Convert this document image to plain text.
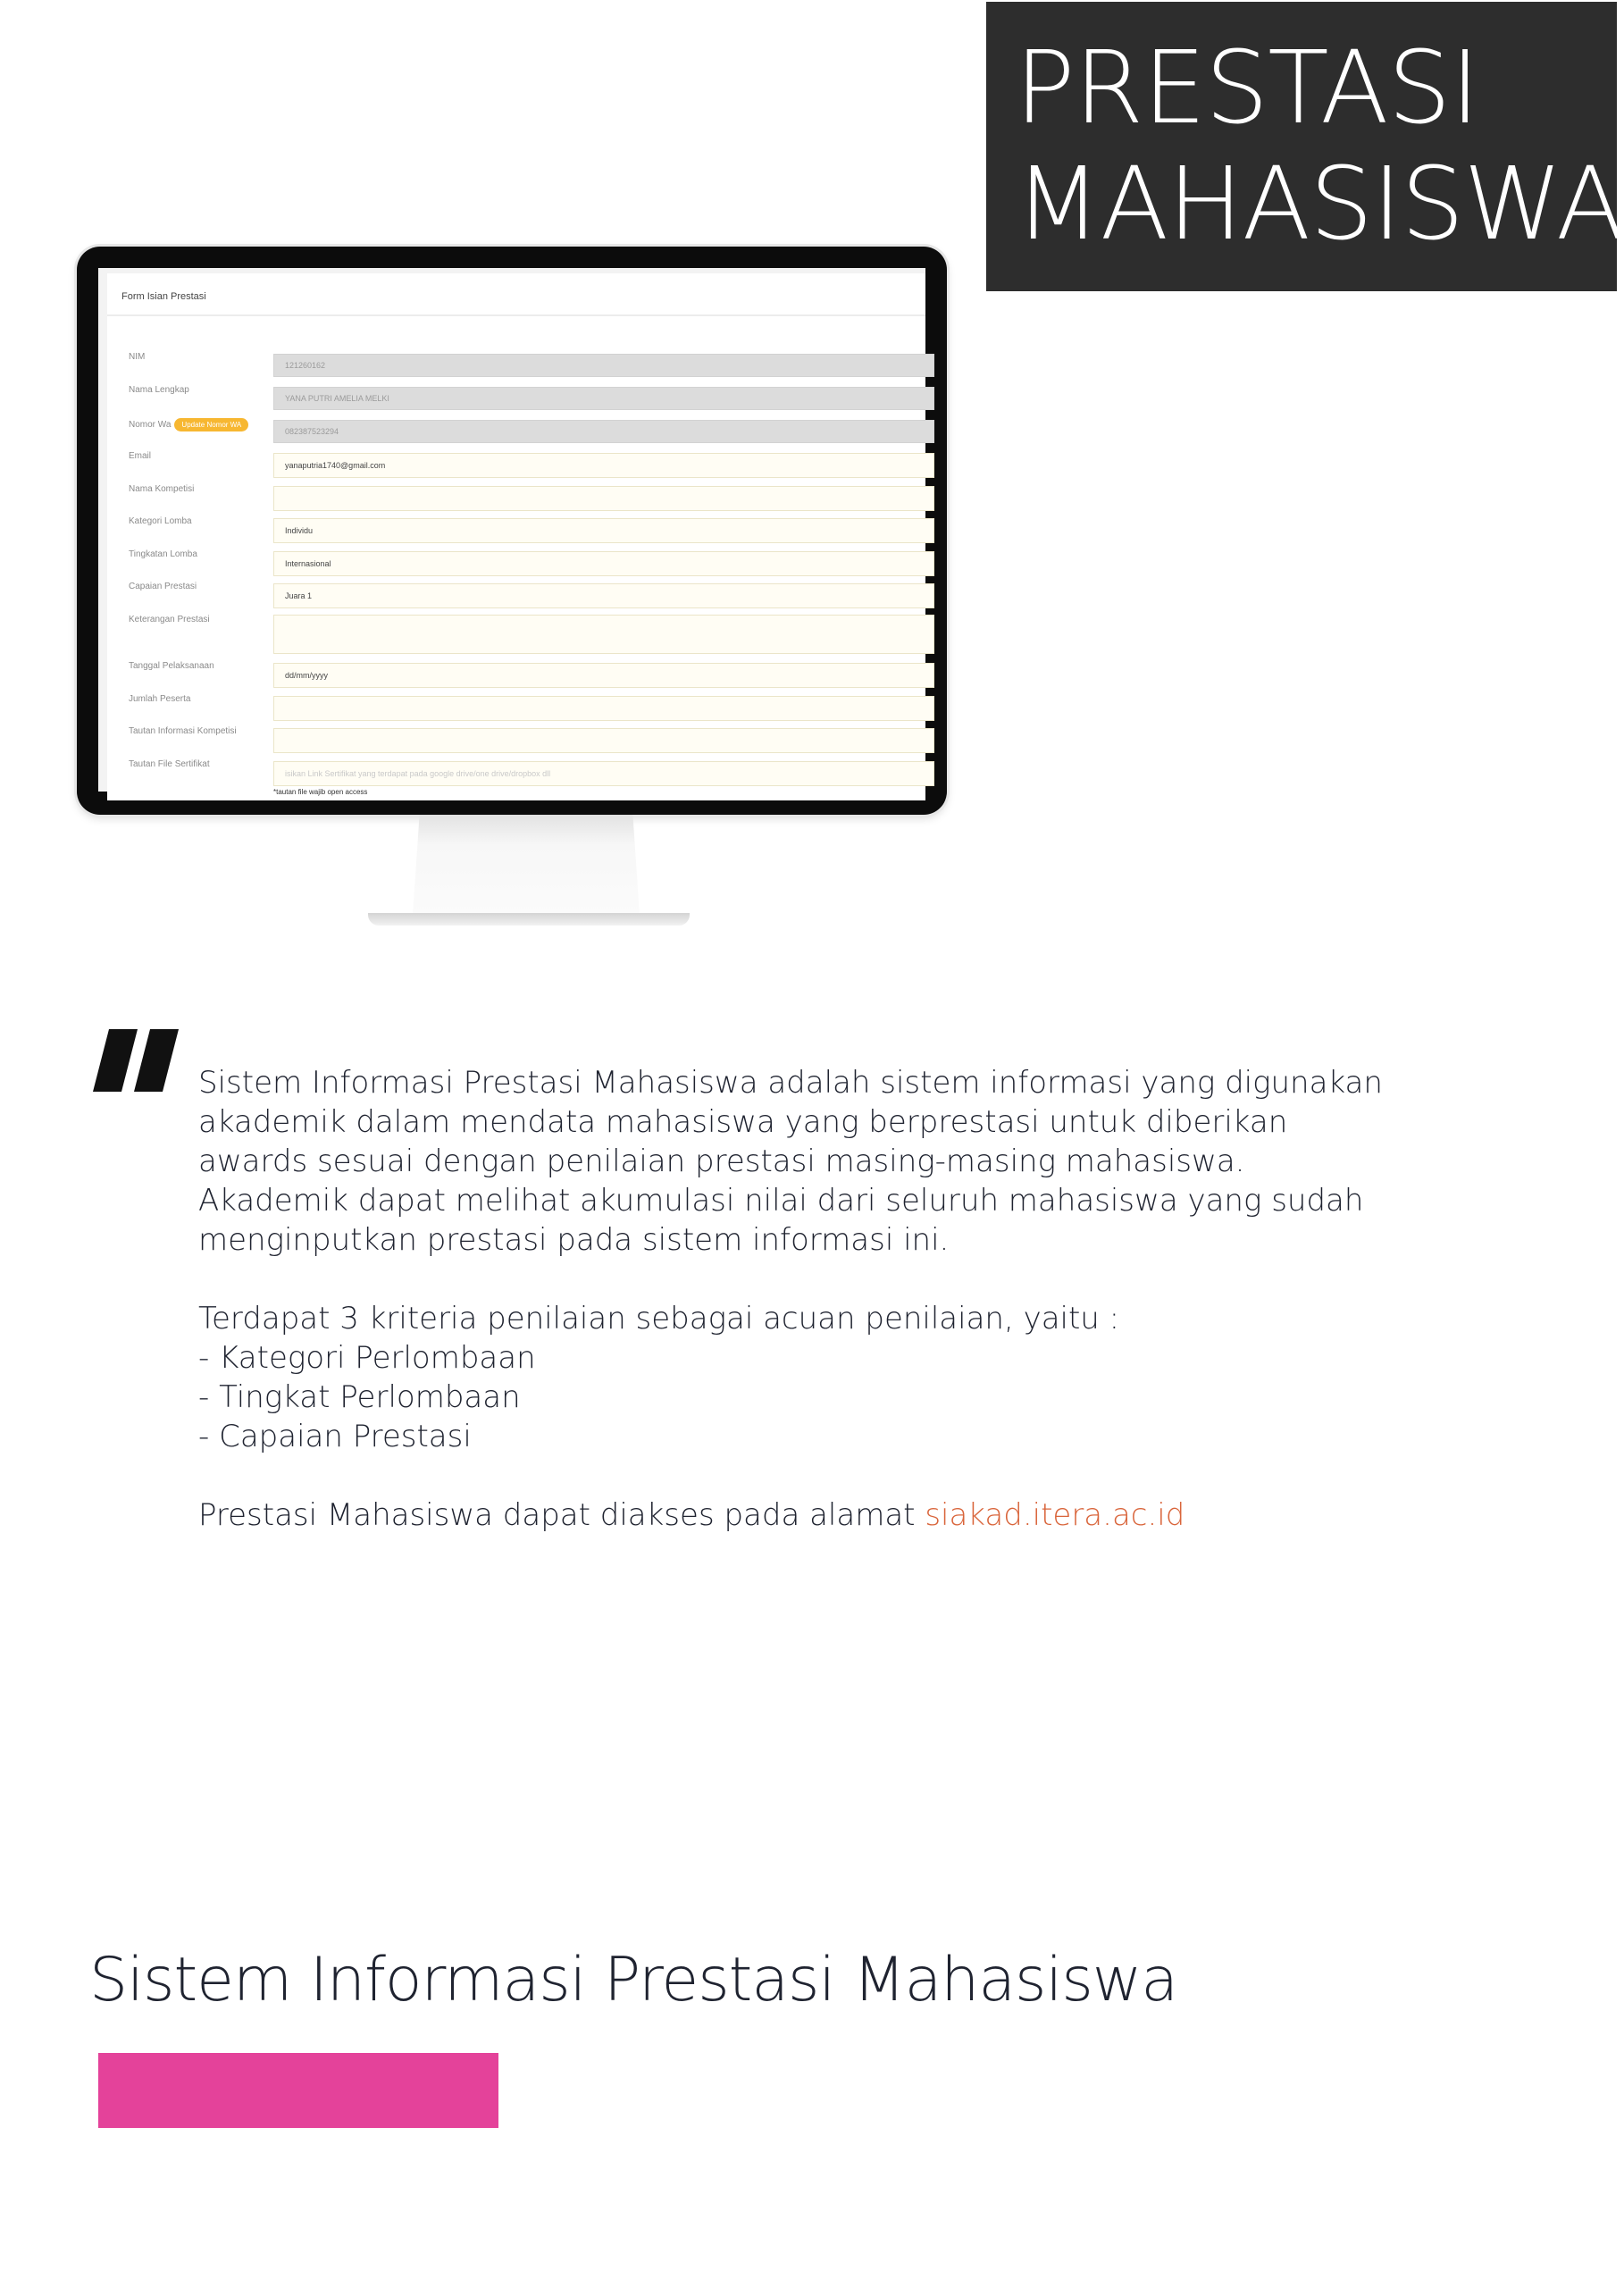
PRESTASI
MAHASISWA
Form Isian Prestasi
NIM
121260162
Nama Lengkap
YANA PUTRI AMELIA MELKI
Nomor Wa Update Nomor WA
082387523294
Email
yanaputria1740@gmail.com
Nama Kompetisi
Kategori Lomba
Individu
Tingkatan Lomba
Internasional
Capaian Prestasi
Juara 1
Keterangan Prestasi
Tanggal Pelaksanaan
dd/mm/yyyy
Jumlah Peserta
Tautan Informasi Kompetisi
Tautan File Sertifikat
isikan Link Sertifikat yang terdapat pada google drive/one drive/dropbox dll
*tautan file wajib open access

Sistem Informasi Prestasi Mahasiswa adalah sistem informasi yang digunakan

akademik dalam mendata mahasiswa yang berprestasi untuk diberikan

awards sesuai dengan penilaian prestasi masing-masing mahasiswa.

Akademik dapat melihat akumulasi nilai dari seluruh mahasiswa yang sudah

menginputkan prestasi pada sistem informasi ini.

Terdapat 3 kriteria penilaian sebagai acuan penilaian, yaitu :

- Kategori Perlombaan

- Tingkat Perlombaan

- Capaian Prestasi

Prestasi Mahasiswa dapat diakses pada alamat siakad.itera.ac.id

Sistem Informasi Prestasi Mahasiswa
